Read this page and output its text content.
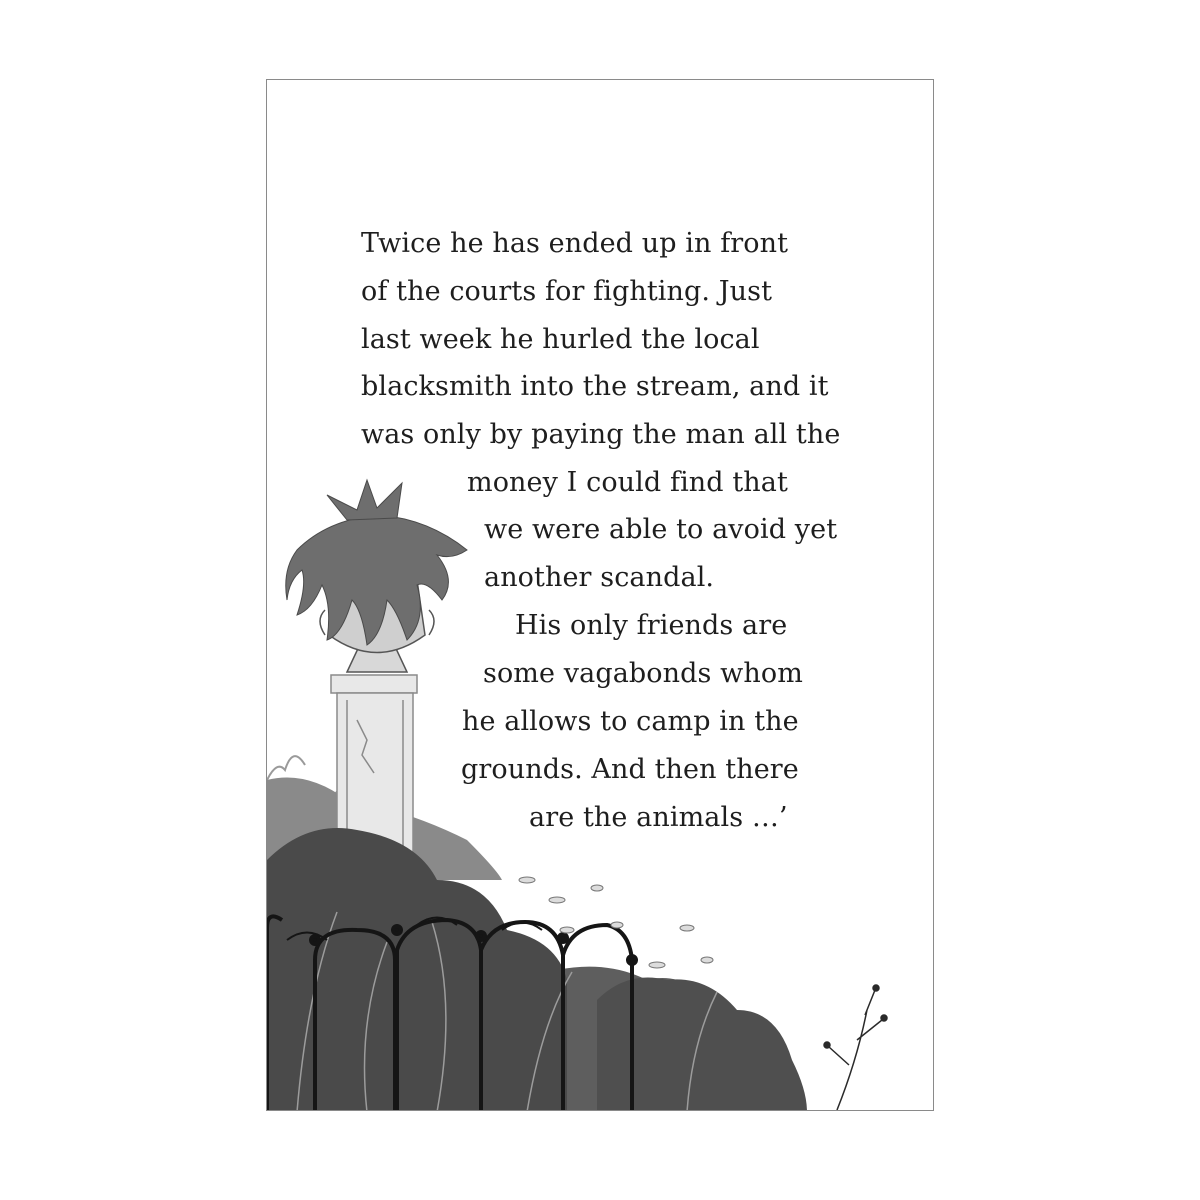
Twice he has ended up in front

of the courts for fighting. Just

last week he hurled the local

blacksmith into the stream, and it

was only by paying the man all the

money I could find that

we were able to avoid yet

another scandal.

His only friends are

some vagabonds whom

he allows to camp in the

grounds. And then there

are the animals …’
